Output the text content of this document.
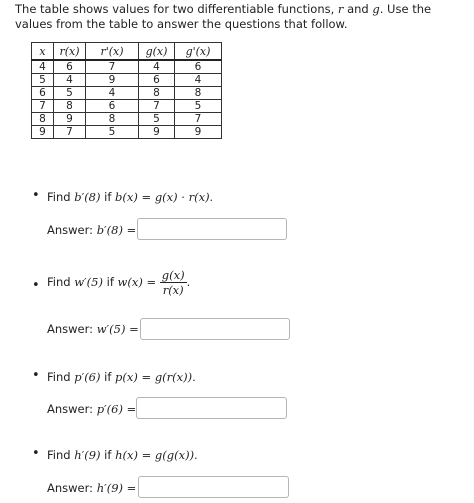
The table shows values for two differentiable functions, r and g. Use the values from the table to answer the questions that follow.
x	r(x)	r'(x)	g(x)	g'(x)
4	6	7	4	6
5	4	9	6	4
6	5	4	8	8
7	8	6	7	5
8	9	8	5	7
9	7	5	9	9
• Find b′(8) if b(x) = g(x) · r(x).
Answer: b′(8) =
• Find w′(5) if $w(x) = \frac{g(x)}{r(x)}$ .
Answer: w′(5) =
• Find p′(6) if p(x) = g(r(x)).
Answer: p′(6) =
• Find h′(9) if h(x) = g(g(x)).
Answer: h′(9) =
